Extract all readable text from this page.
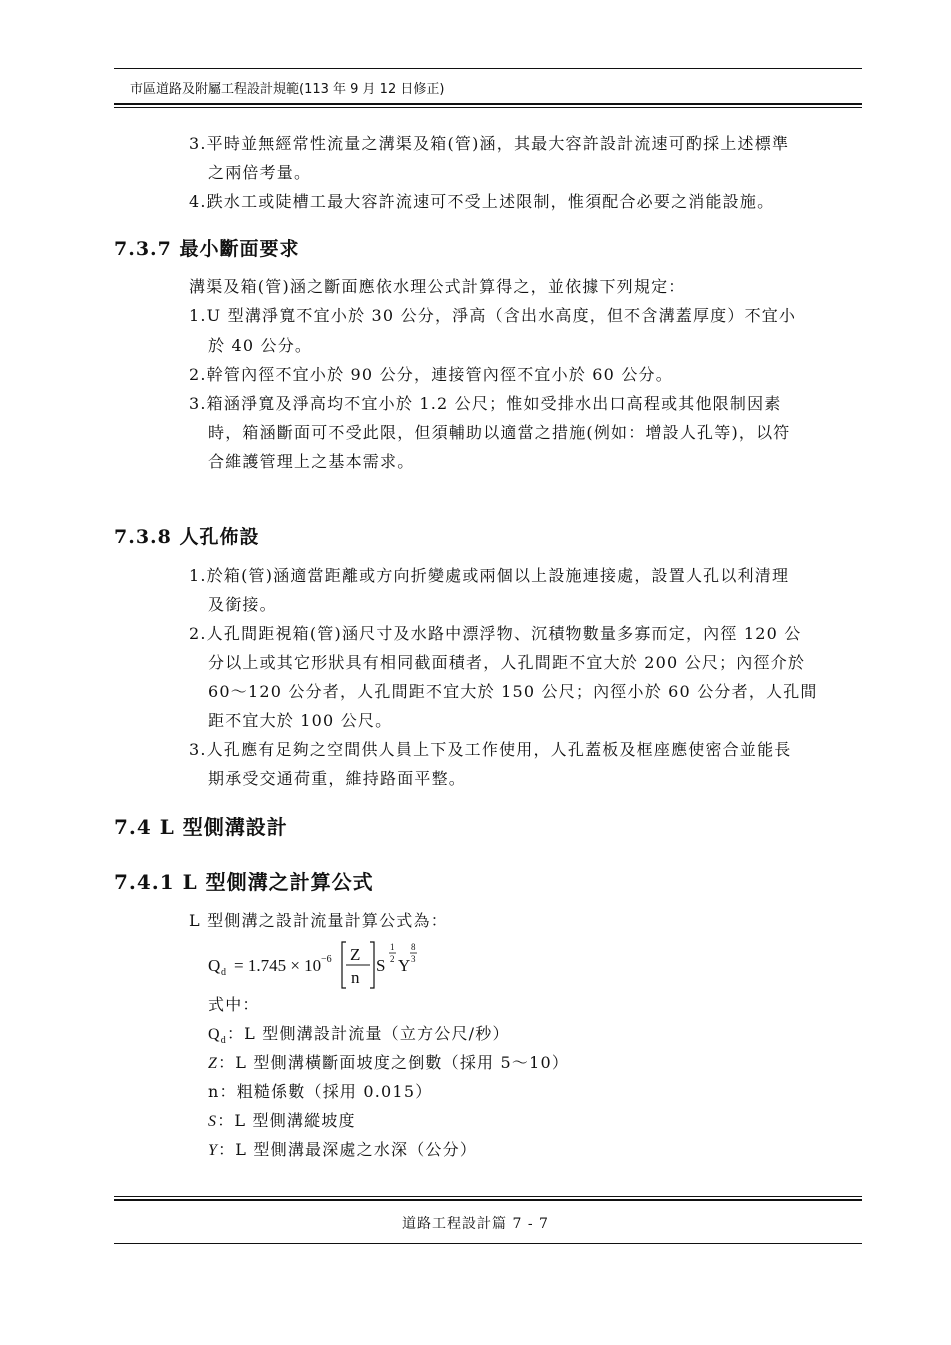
市區道路及附屬工程設計規範(113 年 9 月 12 日修正)
3.平時並無經常性流量之溝渠及箱(管)涵，其最大容許設計流速可酌採上述標準
之兩倍考量。
4.跌水工或陡槽工最大容許流速可不受上述限制，惟須配合必要之消能設施。
7.3.7 最小斷面要求
溝渠及箱(管)涵之斷面應依水理公式計算得之，並依據下列規定：
1.U 型溝淨寬不宜小於 30 公分，淨高（含出水高度，但不含溝蓋厚度）不宜小
於 40 公分。
2.幹管內徑不宜小於 90 公分，連接管內徑不宜小於 60 公分。
3.箱涵淨寬及淨高均不宜小於 1.2 公尺；惟如受排水出口高程或其他限制因素
時，箱涵斷面可不受此限，但須輔助以適當之措施(例如：增設人孔等)，以符
合維護管理上之基本需求。
7.3.8 人孔佈設
1.於箱(管)涵適當距離或方向折變處或兩個以上設施連接處，設置人孔以利清理
及銜接。
2.人孔間距視箱(管)涵尺寸及水路中漂浮物、沉積物數量多寡而定，內徑 120 公
分以上或其它形狀具有相同截面積者，人孔間距不宜大於 200 公尺；內徑介於
60～120 公分者，人孔間距不宜大於 150 公尺；內徑小於 60 公分者，人孔間
距不宜大於 100 公尺。
3.人孔應有足夠之空間供人員上下及工作使用，人孔蓋板及框座應使密合並能長
期承受交通荷重，維持路面平整。
7.4 L 型側溝設計
7.4.1 L 型側溝之計算公式
L 型側溝之設計流量計算公式為：
Q d = 1.745 × 10 −6 Z
n
S
1
2 Y
8
3
式中：
$Q_d$：L 型側溝設計流量（立方公尺/秒）
Z：L 型側溝橫斷面坡度之倒數（採用 5～10）
n：粗糙係數（採用 0.015）
S：L 型側溝縱坡度
Y：L 型側溝最深處之水深（公分）
道路工程設計篇 7 - 7
